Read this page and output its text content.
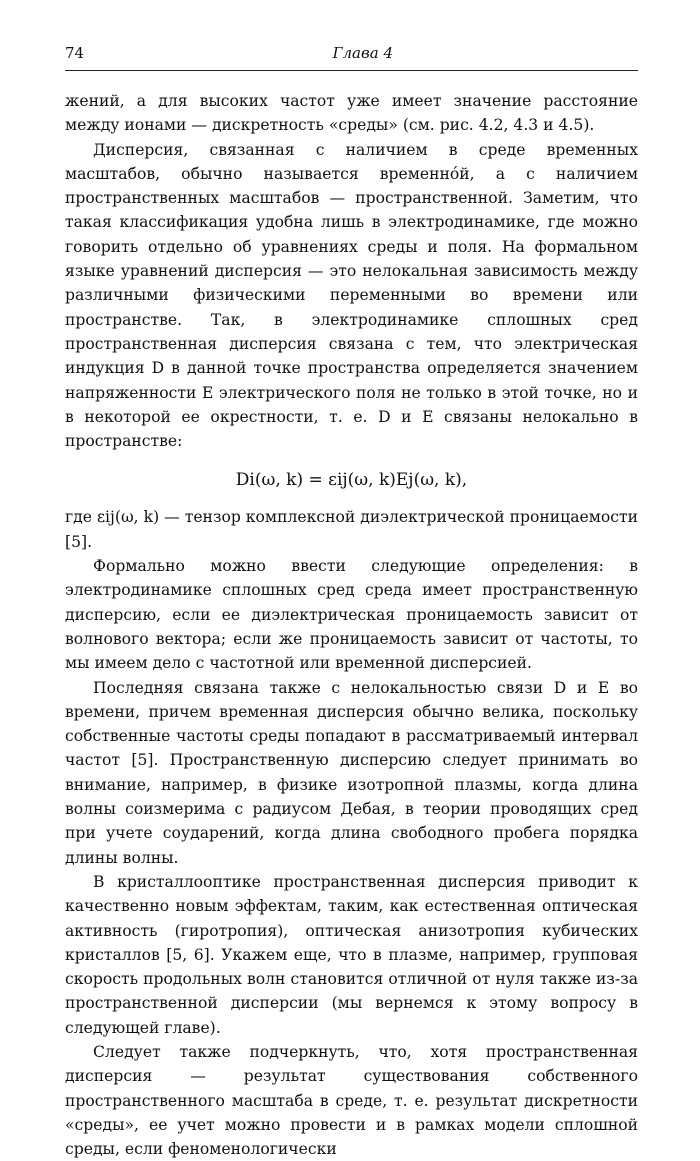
74	Глава 4

жений, а для высоких частот уже имеет значение расстояние между ионами — дискретность «среды» (см. рис. 4.2, 4.3 и 4.5).

Дисперсия, связанная с наличием в среде временных масштабов, обычно называется временно́й, а с наличием пространственных масштабов — пространственной. Заметим, что такая классификация удобна лишь в электродинамике, где можно говорить отдельно об уравнениях среды и поля. На формальном языке уравнений дисперсия — это нелокальная зависимость между различными физическими переменными во времени или пространстве. Так, в электродинамике сплошных сред пространственная дисперсия связана с тем, что электрическая индукция D в данной точке пространства определяется значением напряженности E электрического поля не только в этой точке, но и в некоторой ее окрестности, т. е. D и E связаны нелокально в пространстве:

Di(ω, k) = εij(ω, k)Ej(ω, k),

где εij(ω, k) — тензор комплексной диэлектрической проницаемости [5].

Формально можно ввести следующие определения: в электродинамике сплошных сред среда имеет пространственную дисперсию, если ее диэлектрическая проницаемость зависит от волнового вектора; если же проницаемость зависит от частоты, то мы имеем дело с частотной или временной дисперсией.

Последняя связана также с нелокальностью связи D и E во времени, причем временная дисперсия обычно велика, поскольку собственные частоты среды попадают в рассматриваемый интервал частот [5]. Пространственную дисперсию следует принимать во внимание, например, в физике изотропной плазмы, когда длина волны соизмерима с радиусом Дебая, в теории проводящих сред при учете соударений, когда длина свободного пробега порядка длины волны.

В кристаллооптике пространственная дисперсия приводит к качественно новым эффектам, таким, как естественная оптическая активность (гиротропия), оптическая анизотропия кубических кристаллов [5, 6]. Укажем еще, что в плазме, например, групповая скорость продольных волн становится отличной от нуля также из-за пространственной дисперсии (мы вернемся к этому вопросу в следующей главе).

Следует также подчеркнуть, что, хотя пространственная дисперсия — результат существования собственного пространственного масштаба в среде, т. е. результат дискретности «среды», ее учет можно провести и в рамках модели сплошной среды, если феноменологически
